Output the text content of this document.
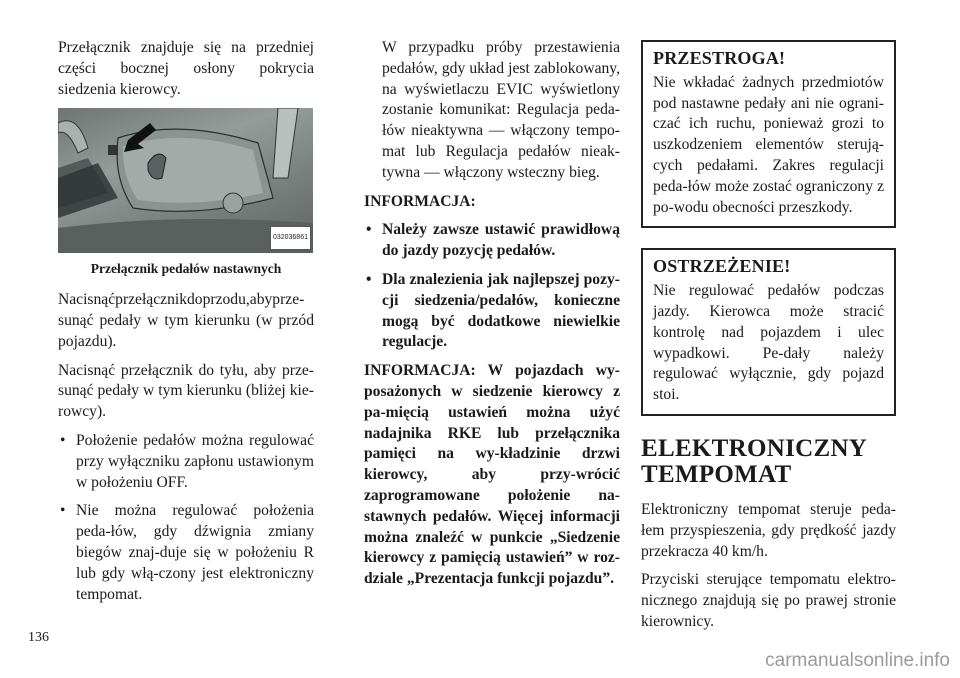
Przełącznik znajduje się na przedniej części bocznej osłony pokrycia siedzenia kierowcy.

032036861
Przełącznik pedałów nastawnych

Nacisnąćprzełącznikdoprzodu,abyprze-sunąć pedały w tym kierunku (w przód pojazdu).

Nacisnąć przełącznik do tyłu, aby prze-sunąć pedały w tym kierunku (bliżej kie-rowcy).

• Położenie pedałów można regulować przy wyłączniku zapłonu ustawionym w położeniu OFF.
• Nie można regulować położenia peda-łów, gdy dźwignia zmiany biegów znaj-duje się w położeniu R lub gdy włą-czony jest elektroniczny tempomat.

W przypadku próby przestawienia pedałów, gdy układ jest zablokowany, na wyświetlaczu EVIC wyświetlony zostanie komunikat: Regulacja peda-łów nieaktywna — włączony tempo-mat lub Regulacja pedałów nieak-tywna — włączony wsteczny bieg.

INFORMACJA:

• Należy zawsze ustawić prawidłową do jazdy pozycję pedałów.
• Dla znalezienia jak najlepszej pozy-cji siedzenia/pedałów, konieczne mogą być dodatkowe niewielkie regulacje.

INFORMACJA: W pojazdach wy-posażonych w siedzenie kierowcy z pa-mięcią ustawień można użyć nadajnika RKE lub przełącznika pamięci na wy-kładzinie drzwi kierowcy, aby przy-wrócić zaprogramowane położenie na-stawnych pedałów. Więcej informacji można znaleźć w punkcie „Siedzenie kierowcy z pamięcią ustawień” w roz-dziale „Prezentacja funkcji pojazdu”.

PRZESTROGA!

Nie wkładać żadnych przedmiotów pod nastawne pedały ani nie ograni-czać ich ruchu, ponieważ grozi to uszkodzeniem elementów sterują-cych pedałami. Zakres regulacji peda-łów może zostać ograniczony z po-wodu obecności przeszkody.

OSTRZEŻENIE!

Nie regulować pedałów podczas jazdy. Kierowca może stracić kontrolę nad pojazdem i ulec wypadkowi. Pe-dały należy regulować wyłącznie, gdy pojazd stoi.

ELEKTRONICZNY TEMPOMAT

Elektroniczny tempomat steruje peda-łem przyspieszenia, gdy prędkość jazdy przekracza 40 km/h.

Przyciski sterujące tempomatu elektro-nicznego znajdują się po prawej stronie kierownicy.

136
carmanualsonline.info
